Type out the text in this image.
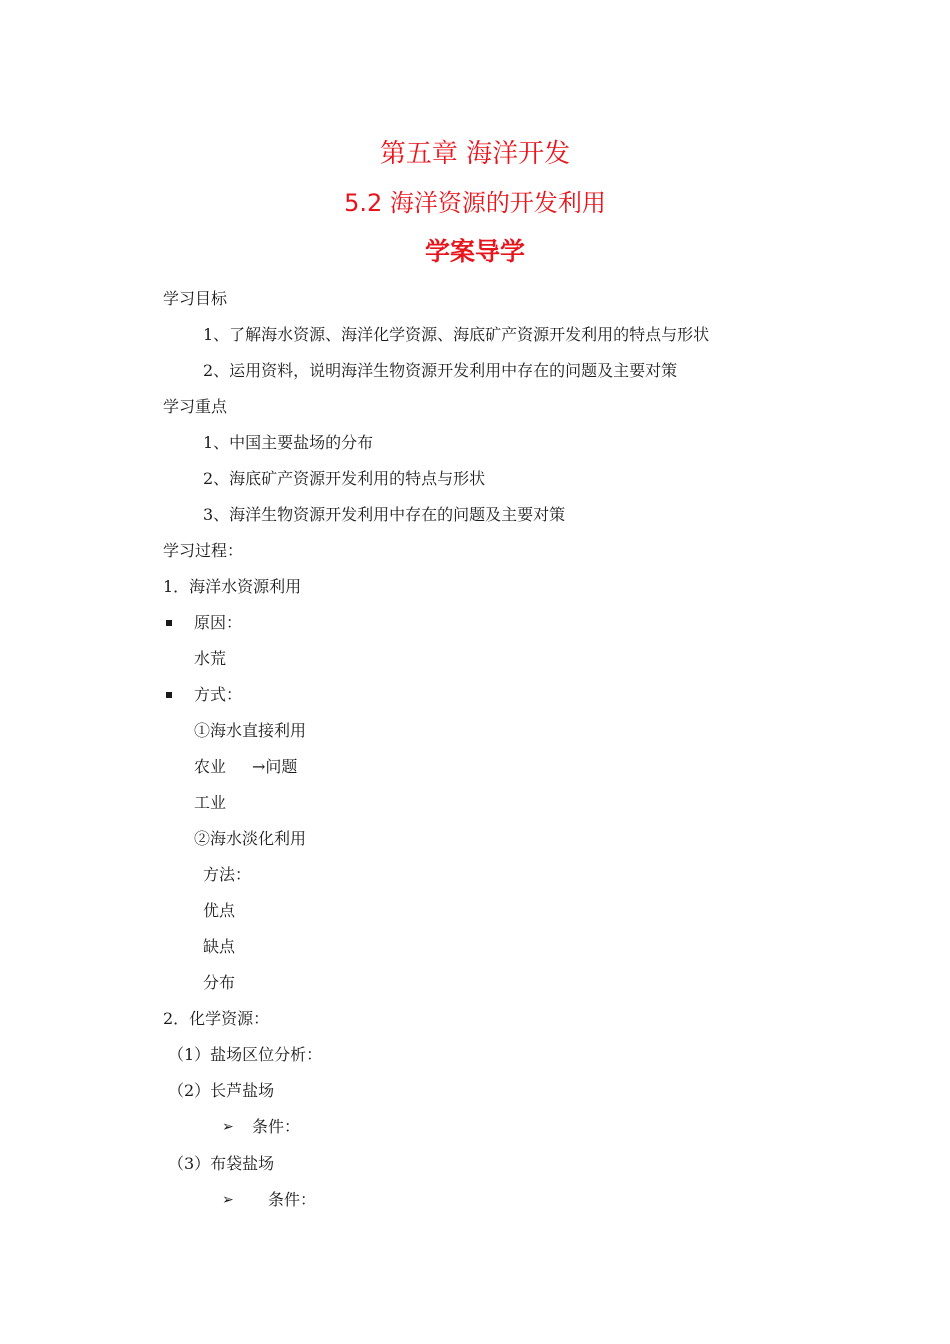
第五章 海洋开发
5.2 海洋资源的开发利用
学案导学
学习目标
1、了解海水资源、海洋化学资源、海底矿产资源开发利用的特点与形状
2、运用资料，说明海洋生物资源开发利用中存在的问题及主要对策
学习重点
1、中国主要盐场的分布
2、海底矿产资源开发利用的特点与形状
3、海洋生物资源开发利用中存在的问题及主要对策
学习过程：
1．海洋水资源利用
原因：
水荒
方式：
①海水直接利用
农业 →问题
工业
②海水淡化利用
方法：
优点
缺点
分布
2．化学资源：
（1）盐场区位分析：
（2）长芦盐场
➢ 条件：
（3）布袋盐场
➢ 条件：
